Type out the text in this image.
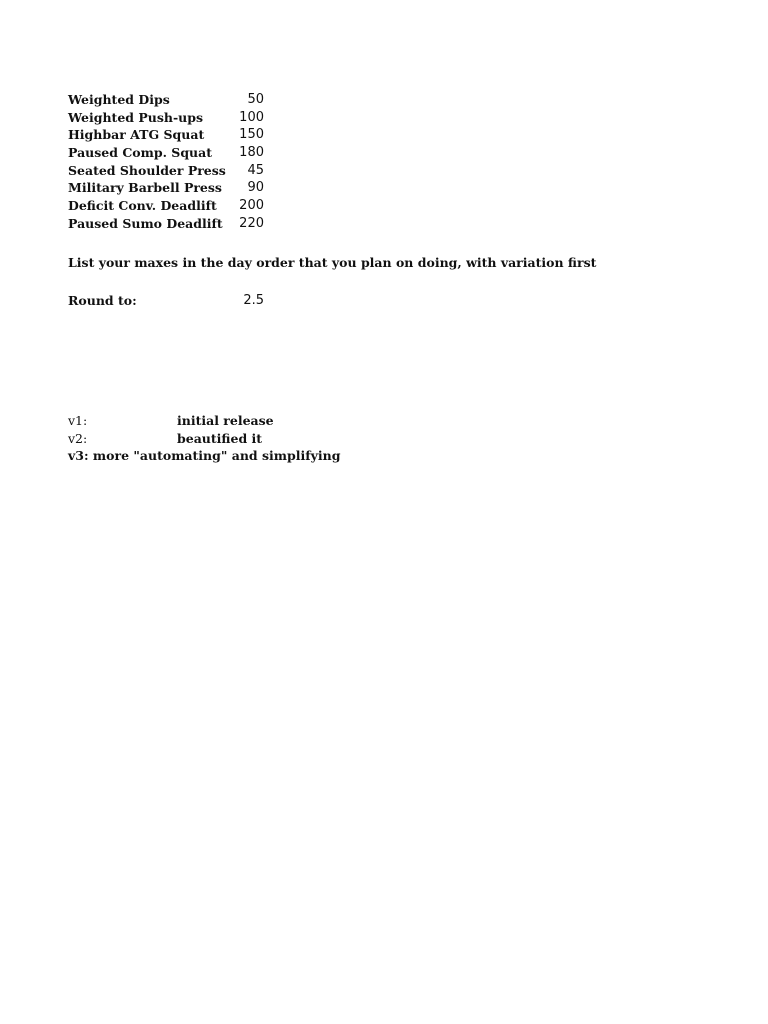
Weighted Dips	50
Weighted Push-ups	100
Highbar ATG Squat	150
Paused Comp. Squat	180
Seated Shoulder Press	45
Military Barbell Press	90
Deficit Conv. Deadlift	200
Paused Sumo Deadlift	220
List your maxes in the day order that you plan on doing, with variation first
Round to:	2.5
v1:	initial release
v2:	beautified it
v3: more "automating" and simplifying
